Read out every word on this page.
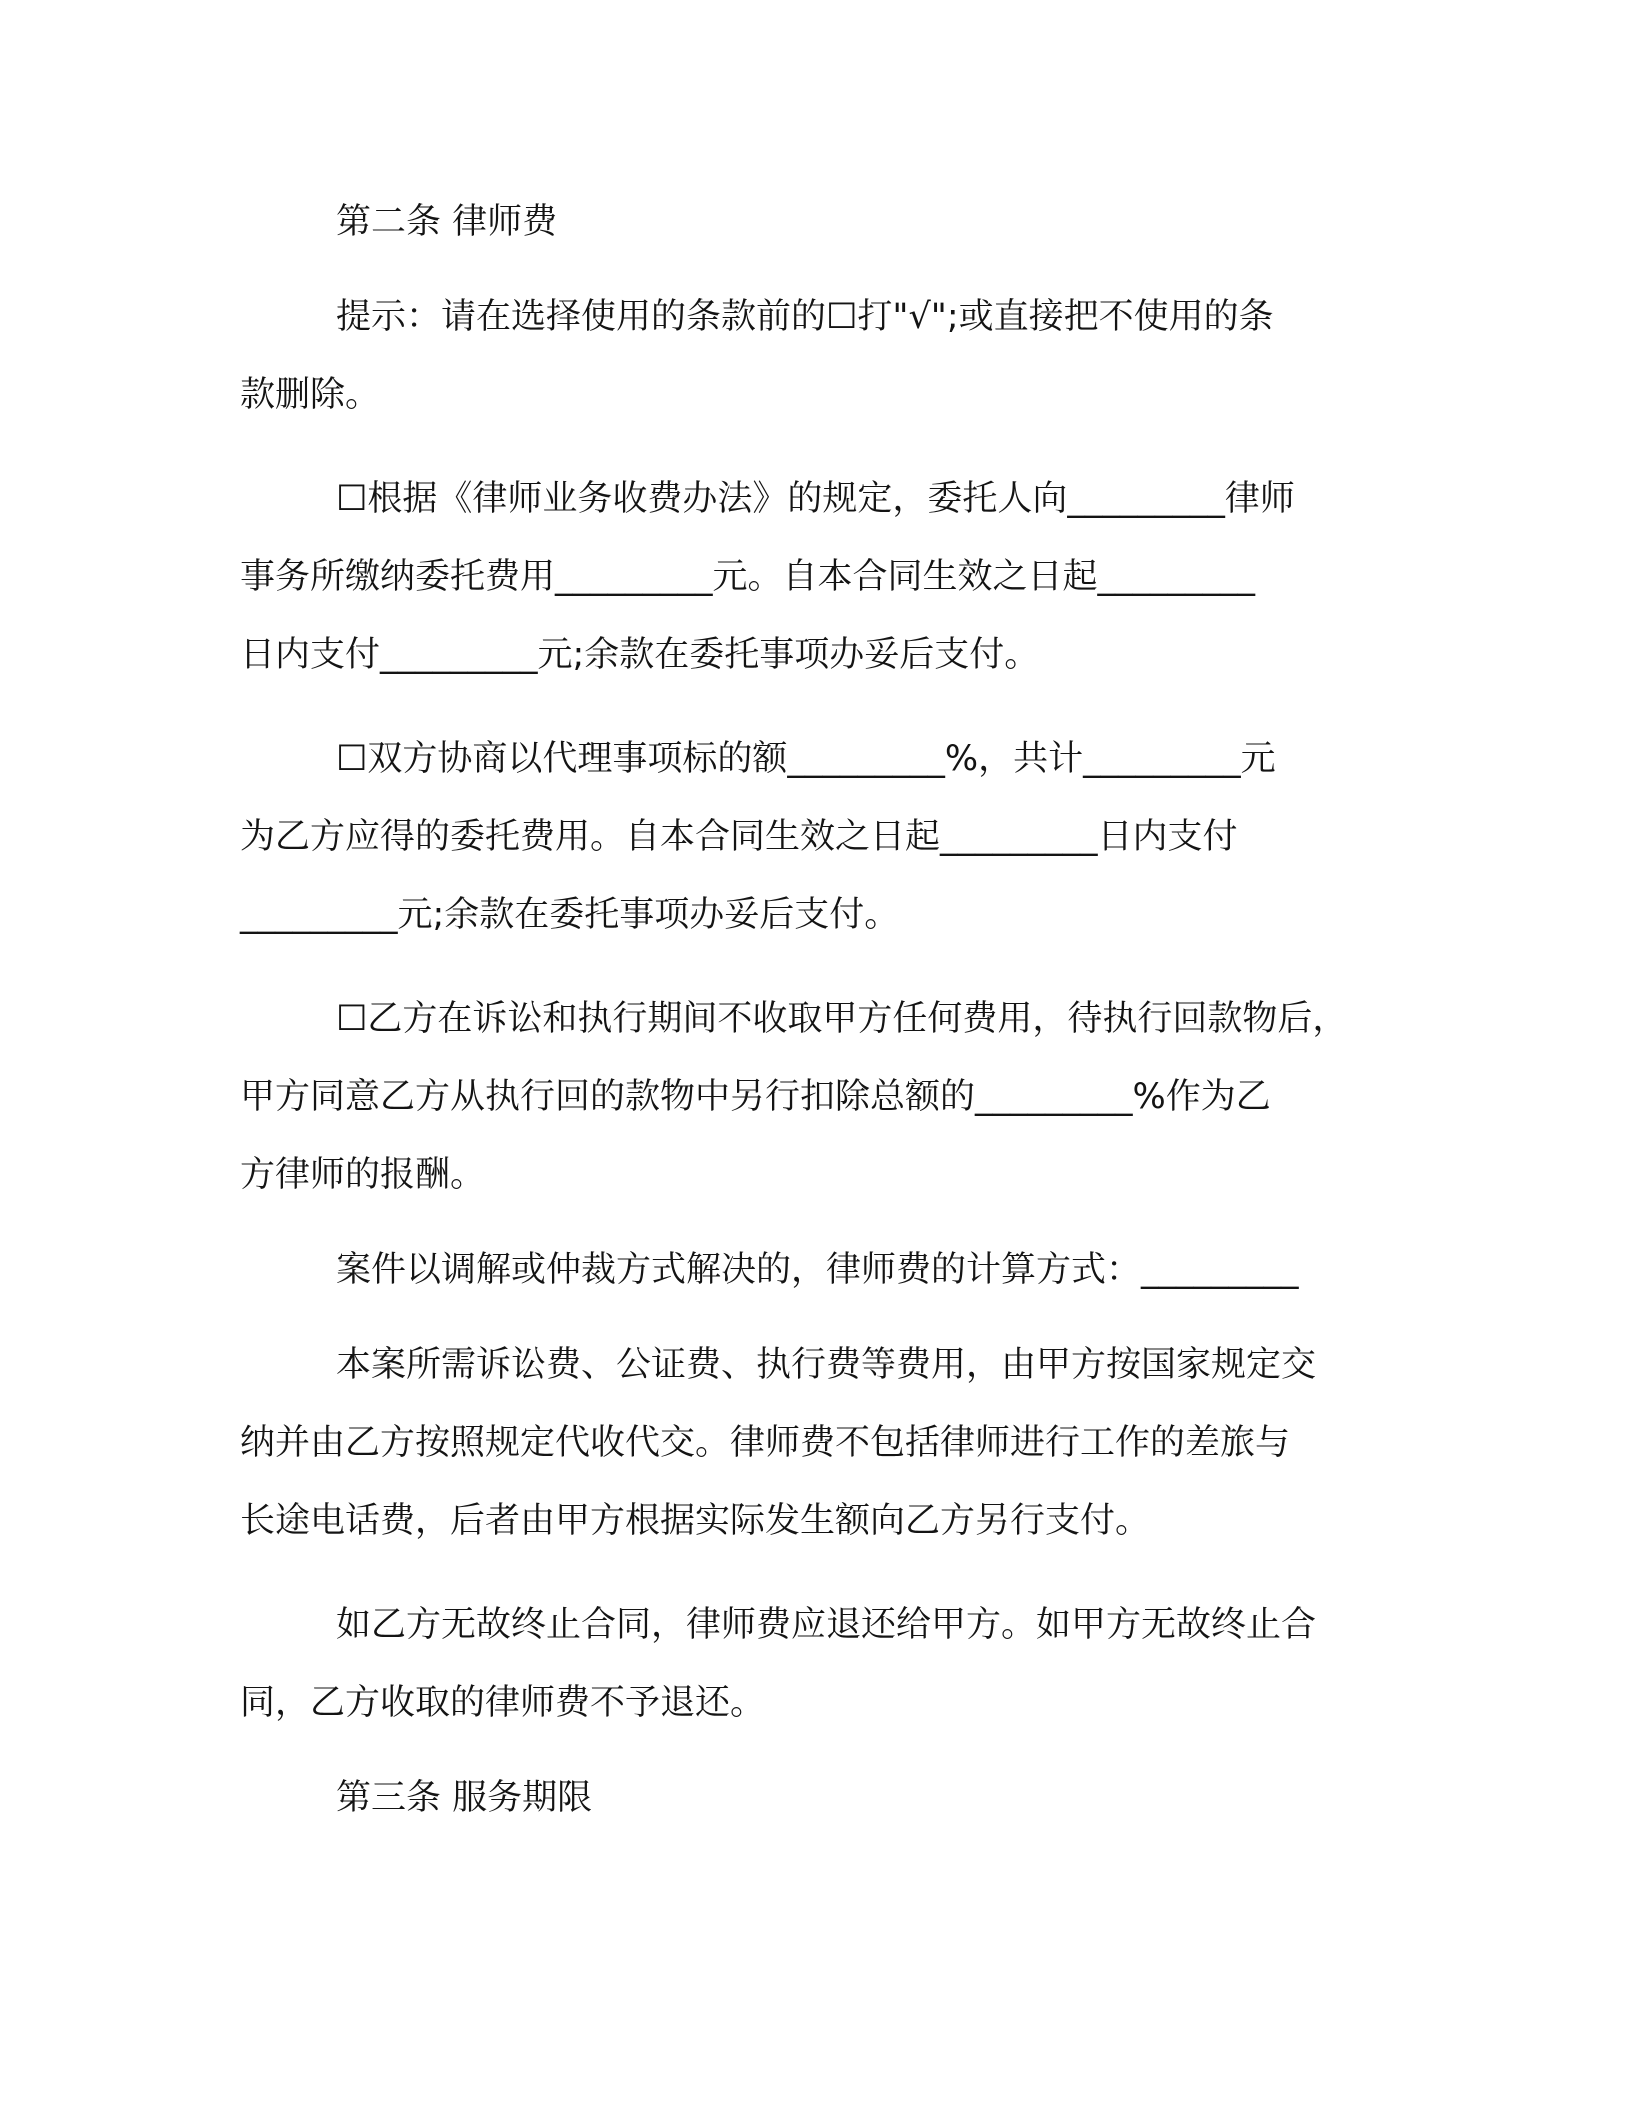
第二条 律师费

提示：请在选择使用的条款前的☐打"√";或直接把不使用的条
款删除。

☐根据《律师业务收费办法》的规定，委托人向_________律师
事务所缴纳委托费用_________元。自本合同生效之日起_________
日内支付_________元;余款在委托事项办妥后支付。

☐双方协商以代理事项标的额_________%，共计_________元
为乙方应得的委托费用。自本合同生效之日起_________日内支付
_________元;余款在委托事项办妥后支付。

☐乙方在诉讼和执行期间不收取甲方任何费用，待执行回款物后，
甲方同意乙方从执行回的款物中另行扣除总额的_________%作为乙
方律师的报酬。

案件以调解或仲裁方式解决的，律师费的计算方式：_________

本案所需诉讼费、公证费、执行费等费用，由甲方按国家规定交
纳并由乙方按照规定代收代交。律师费不包括律师进行工作的差旅与
长途电话费，后者由甲方根据实际发生额向乙方另行支付。

如乙方无故终止合同，律师费应退还给甲方。如甲方无故终止合
同，乙方收取的律师费不予退还。

第三条 服务期限
